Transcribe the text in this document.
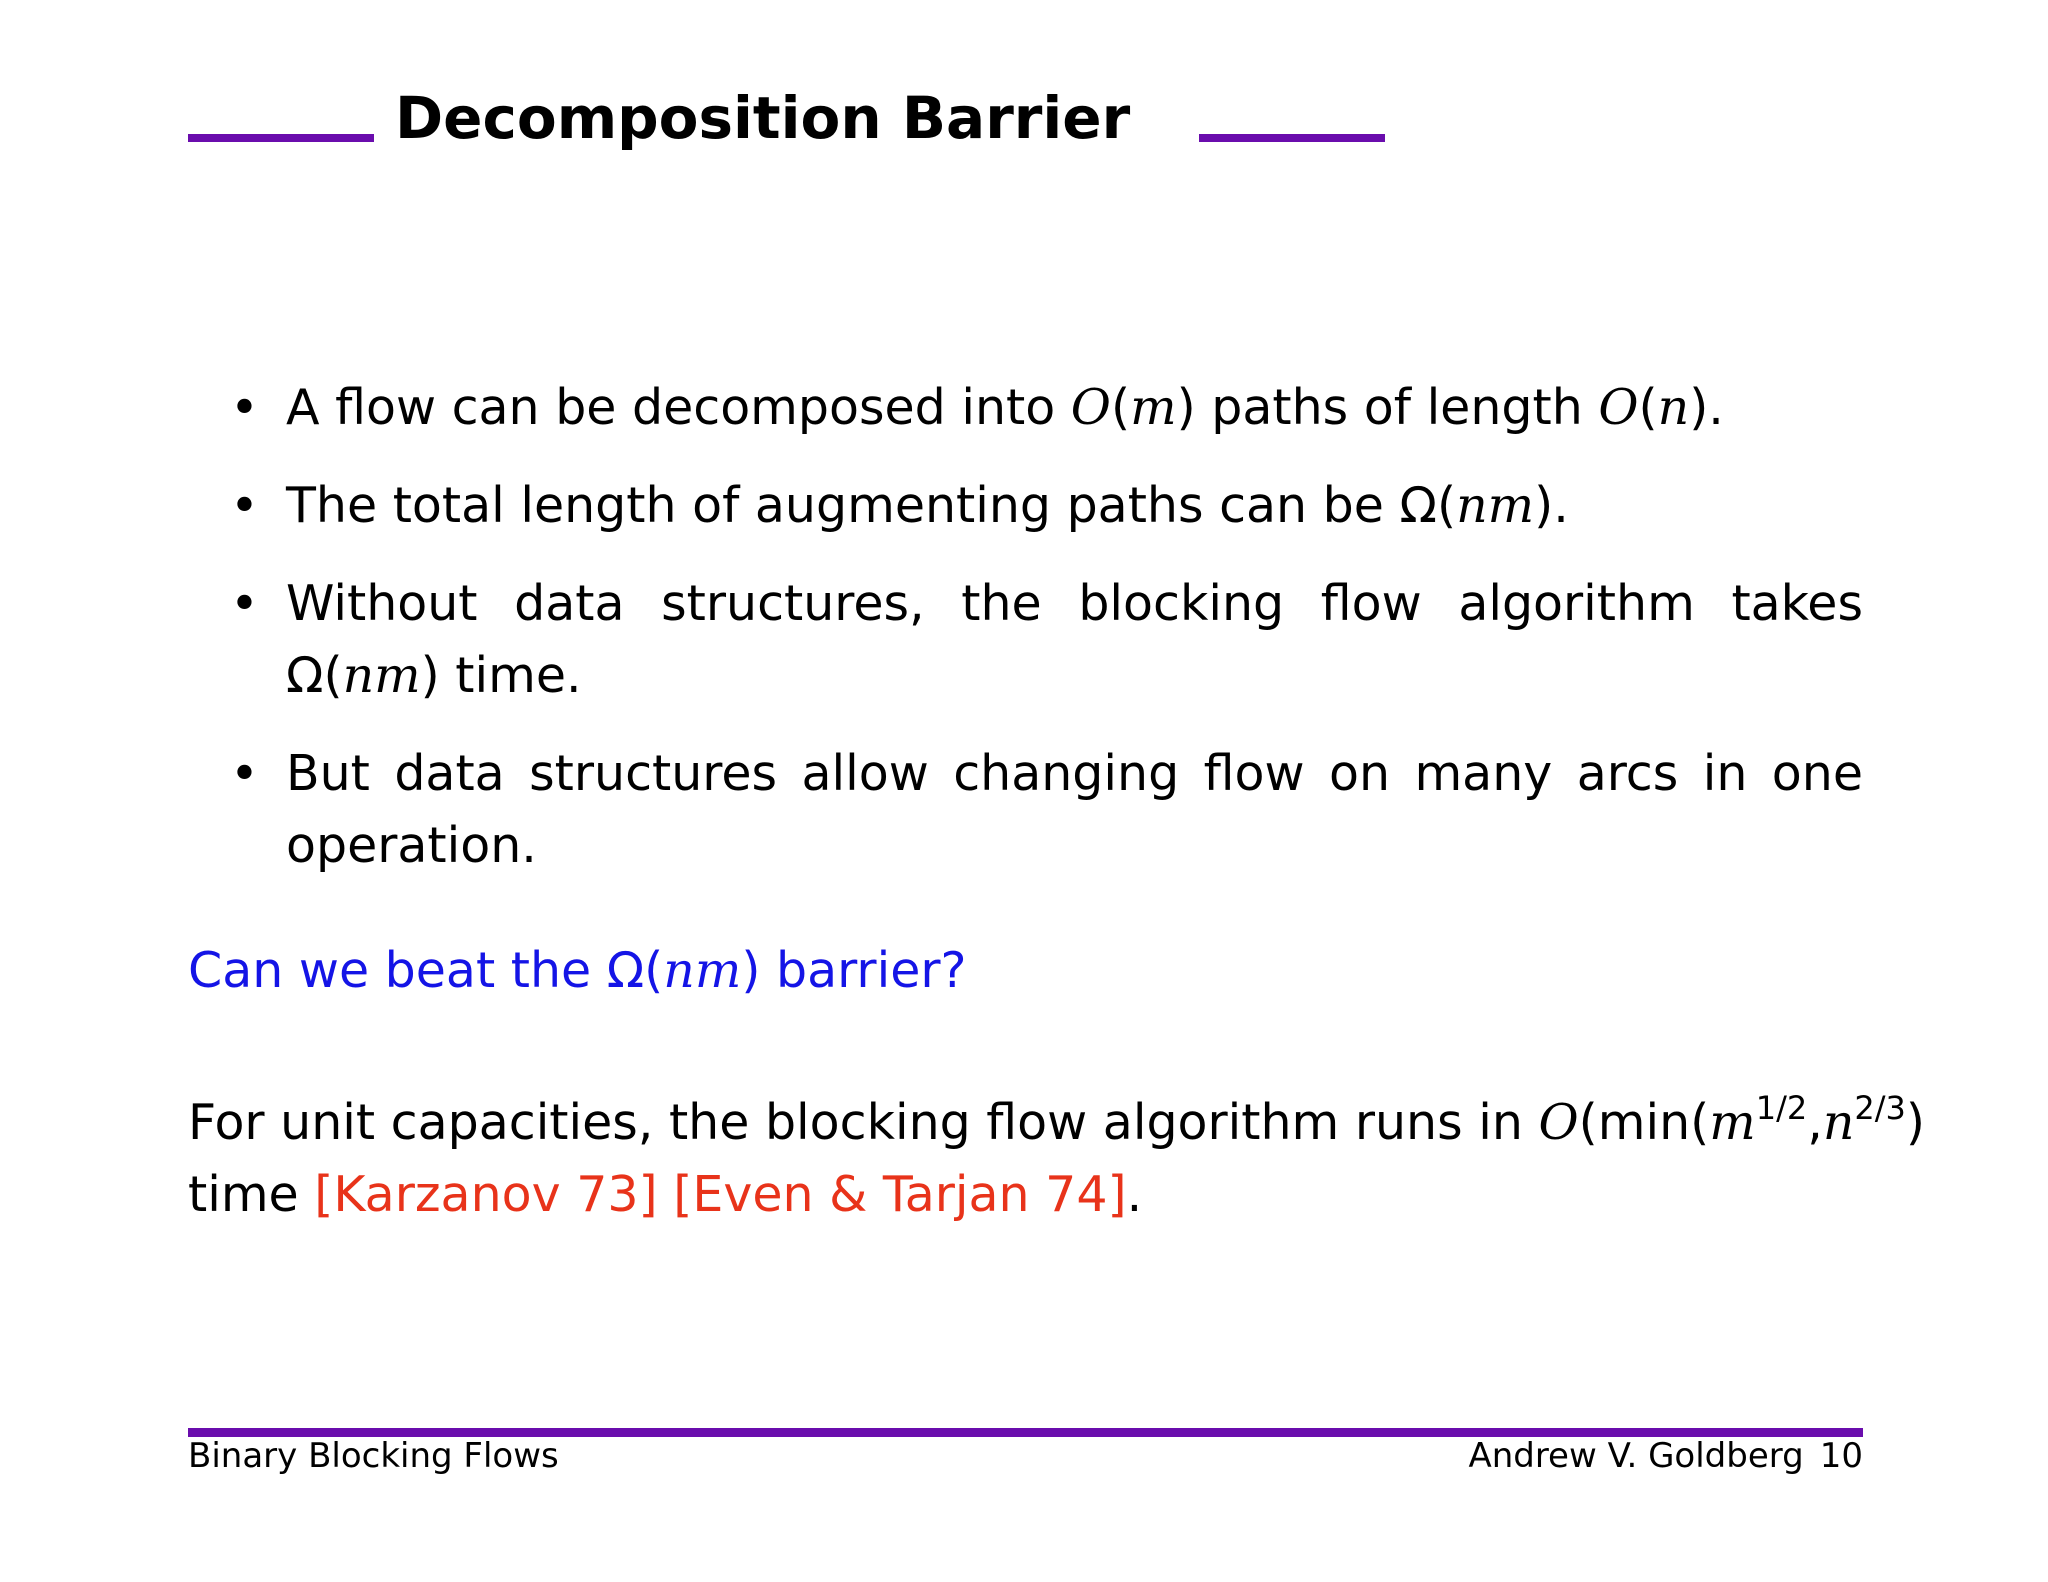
Decomposition Barrier
• A flow can be decomposed into O(m) paths of length O(n).
• The total length of augmenting paths can be Ω(nm).
• Without data structures, the blocking flow algorithm takes Ω(nm) time.
• But data structures allow changing flow on many arcs in one operation.
Can we beat the Ω(nm) barrier?
For unit capacities, the blocking flow algorithm runs in $O(\min(m^{1/2},n^{2/3})$
time [Karzanov 73] [Even & Tarjan 74].
Binary Blocking Flows	Andrew V. Goldberg 10
